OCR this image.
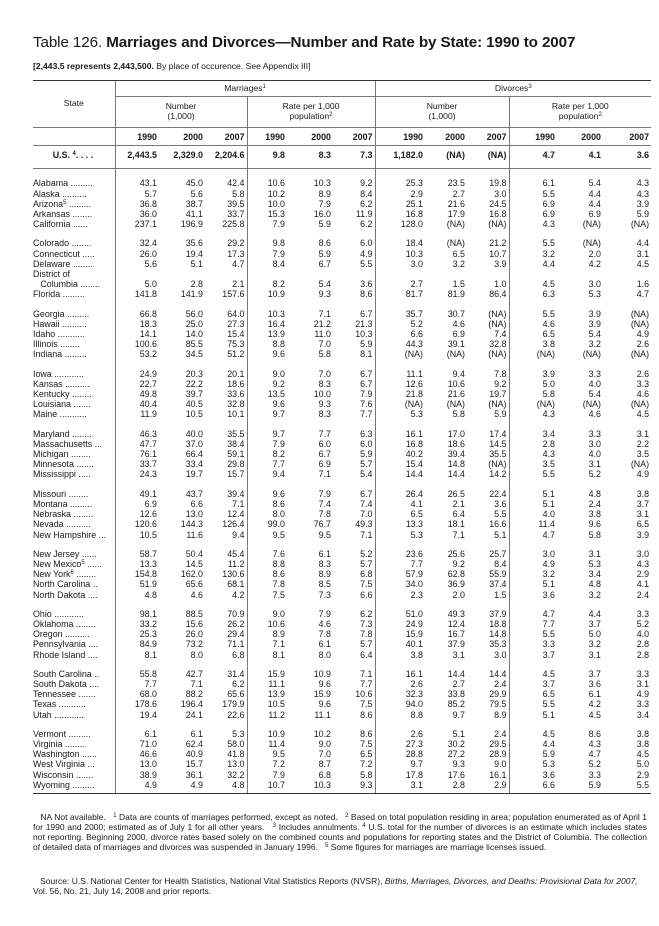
Table 126. Marriages and Divorces—Number and Rate by State: 1990 to 2007
[2,443.5 represents 2,443,500. By place of occurence. See Appendix III]
State	Marriages$^1$						Divorces$^3$
	Number
(1,000)			Rate per 1,000
population$^2$			Number
(1,000)			Rate per 1,000
population$^2$
	1990	2000	2007	1990	2000	2007	1990	2000	2007	1990	2000	2007
U.S. $^4$. . . .	2,443.5	2,329.0	2,204.6	9.8	8.3	7.3	1,182.0	(NA)	(NA)	4.7	4.1	3.6

Alabama .........	43.1	45.0	42.4	10.6	10.3	9.2	25.3	23.5	19.8	6.1	5.4	4.3
Alaska ..........	5.7	5.6	5.8	10.2	8.9	8.4	2.9	2.7	3.0	5.5	4.4	4.3
Arizona$^5$ .........	36.8	38.7	39.5	10.0	7.9	6.2	25.1	21.6	24.5	6.9	4.4	3.9
Arkansas ........	36.0	41.1	33.7	15.3	16.0	11.9	16.8	17.9	16.8	6.9	6.9	5.9
California ......	237.1	196.9	225.8	7.9	5.9	6.2	128.0	(NA)	(NA)	4.3	(NA)	(NA)

Colorado ........	32.4	35.6	29.2	9.8	8.6	6.0	18.4	(NA)	21.2	5.5	(NA)	4.4
Connecticut .....	26.0	19.4	17.3	7.9	5.9	4.9	10.3	6.5	10.7	3.2	2.0	3.1
Delaware ........	5.6	5.1	4.7	8.4	6.7	5.5	3.0	3.2	3.9	4.4	4.2	4.5
District of												
Columbia ........	5.0	2.8	2.1	8.2	5.4	3.6	2.7	1.5	1.0	4.5	3.0	1.6
Florida .........	141.8	141.9	157.6	10.9	9.3	8.6	81.7	81.9	86.4	6.3	5.3	4.7

Georgia .........	66.8	56.0	64.0	10.3	7.1	6.7	35.7	30.7	(NA)	5.5	3.9	(NA)
Hawaii ..........	18.3	25.0	27.3	16.4	21.2	21.3	5.2	4.6	(NA)	4.6	3.9	(NA)
Idaho ...........	14.1	14.0	15.4	13.9	11.0	10.3	6.6	6.9	7.4	6.5	5.4	4.9
Illinois ........	100.6	85.5	75.3	8.8	7.0	5.9	44.3	39.1	32.8	3.8	3.2	2.6
Indiana .........	53.2	34.5	51.2	9.6	5.8	8.1	(NA)	(NA)	(NA)	(NA)	(NA)	(NA)

Iowa ............	24.9	20.3	20.1	9.0	7.0	6.7	11.1	9.4	7.8	3.9	3.3	2.6
Kansas ..........	22.7	22.2	18.6	9.2	8.3	6.7	12.6	10.6	9.2	5.0	4.0	3.3
Kentucky ........	49.8	39.7	33.6	13.5	10.0	7.9	21.8	21.6	19.7	5.8	5.4	4.6
Louisiana .......	40.4	40.5	32.8	9.6	9.3	7.6	(NA)	(NA)	(NA)	(NA)	(NA)	(NA)
Maine ...........	11.9	10.5	10.1	9.7	8.3	7.7	5.3	5.8	5.9	4.3	4.6	4.5

Maryland ........	46.3	40.0	35.5	9.7	7.7	6.3	16.1	17.0	17.4	3.4	3.3	3.1
Massachusetts ...	47.7	37.0	38.4	7.9	6.0	6.0	16.8	18.6	14.5	2.8	3.0	2.2
Michigan ........	76.1	66.4	59.1	8.2	6.7	5.9	40.2	39.4	35.5	4.3	4.0	3.5
Minnesota .......	33.7	33.4	29.8	7.7	6.9	5.7	15.4	14.8	(NA)	3.5	3.1	(NA)
Mississippi .....	24.3	19.7	15.7	9.4	7.1	5.4	14.4	14.4	14.2	5.5	5.2	4.9

Missouri ........	49.1	43.7	39.4	9.6	7.9	6.7	26.4	26.5	22.4	5.1	4.8	3.8
Montana .........	6.9	6.6	7.1	8.6	7.4	7.4	4.1	2.1	3.6	5.1	2.4	3.7
Nebraska ........	12.6	13.0	12.4	8.0	7.8	7.0	6.5	6.4	5.5	4.0	3.8	3.1
Nevada ..........	120.6	144.3	126.4	99.0	76.7	49.3	13.3	18.1	16.6	11.4	9.6	6.5
New Hampshire ...	10.5	11.6	9.4	9.5	9.5	7.1	5.3	7.1	5.1	4.7	5.8	3.9

New Jersey ......	58.7	50.4	45.4	7.6	6.1	5.2	23.6	25.6	25.7	3.0	3.1	3.0
New Mexico$^5$ ......	13.3	14.5	11.2	8.8	8.3	5.7	7.7	9.2	8.4	4.9	5.3	4.3
New York$^6$ ........	154.8	162.0	130.6	8.6	8.9	6.8	57.9	62.8	55.9	3.2	3.4	2.9
North Carolina ..	51.9	65.6	68.1	7.8	8.5	7.5	34.0	36.9	37.4	5.1	4.8	4.1
North Dakota ....	4.8	4.6	4.2	7.5	7.3	6.6	2.3	2.0	1.5	3.6	3.2	2.4

Ohio ............	98.1	88.5	70.9	9.0	7.9	6.2	51.0	49.3	37.9	4.7	4.4	3.3
Oklahoma ........	33.2	15.6	26.2	10.6	4.6	7.3	24.9	12.4	18.8	7.7	3.7	5.2
Oregon ..........	25.3	26.0	29.4	8.9	7.8	7.8	15.9	16.7	14.8	5.5	5.0	4.0
Pennsylvania ....	84.9	73.2	71.1	7.1	6.1	5.7	40.1	37.9	35.3	3.3	3.2	2.8
Rhode Island ....	8.1	8.0	6.8	8.1	8.0	6.4	3.8	3.1	3.0	3.7	3.1	2.8

South Carolina ..	55.8	42.7	31.4	15.9	10.9	7.1	16.1	14.4	14.4	4.5	3.7	3.3
South Dakota ....	7.7	7.1	6.2	11.1	9.6	7.7	2.6	2.7	2.4	3.7	3.6	3.1
Tennessee .......	68.0	88.2	65.6	13.9	15.9	10.6	32.3	33.8	29.9	6.5	6.1	4.9
Texas ...........	178.6	196.4	179.9	10.5	9.6	7.5	94.0	85.2	79.5	5.5	4.2	3.3
Utah ............	19.4	24.1	22.6	11.2	11.1	8.6	8.8	9.7	8.9	5.1	4.5	3.4

Vermont .........	6.1	6.1	5.3	10.9	10.2	8.6	2.6	5.1	2.4	4.5	8.6	3.8
Virginia ........	71.0	62.4	58.0	11.4	9.0	7.5	27.3	30.2	29.5	4.4	4.3	3.8
Washington ......	46.6	40.9	41.8	9.5	7.0	6.5	28.8	27.2	28.9	5.9	4.7	4.5
West Virginia ...	13.0	15.7	13.0	7.2	8.7	7.2	9.7	9.3	9.0	5.3	5.2	5.0
Wisconsin .......	38.9	36.1	32.2	7.9	6.8	5.8	17.8	17.6	16.1	3.6	3.3	2.9
Wyoming .........	4.9	4.9	4.8	10.7	10.3	9.3	3.1	2.8	2.9	6.6	5.9	5.5

NA Not available. $^1$ Data are counts of marriages performed, except as noted. $^2$ Based on total population residing in area; population enumerated as of April 1 for 1990 and 2000; estimated as of July 1 for all other years. $^3$ Includes annulments. $^4$ U.S. total for the number of divorces is an estimate which includes states not reporting. Beginning 2000, divorce rates based solely on the combined counts and populations for reporting states and the District of Columbia. The collection of detailed data of marriages and divorces was suspended in January 1996. $^5$ Some figures for marriages are marriage licenses issued.
Source: U.S. National Center for Health Statistics, National Vital Statistics Reports (NVSR), Births, Marriages, Divorces, and Deaths: Provisional Data for 2007, Vol. 56, No. 21, July 14, 2008 and prior reports.
